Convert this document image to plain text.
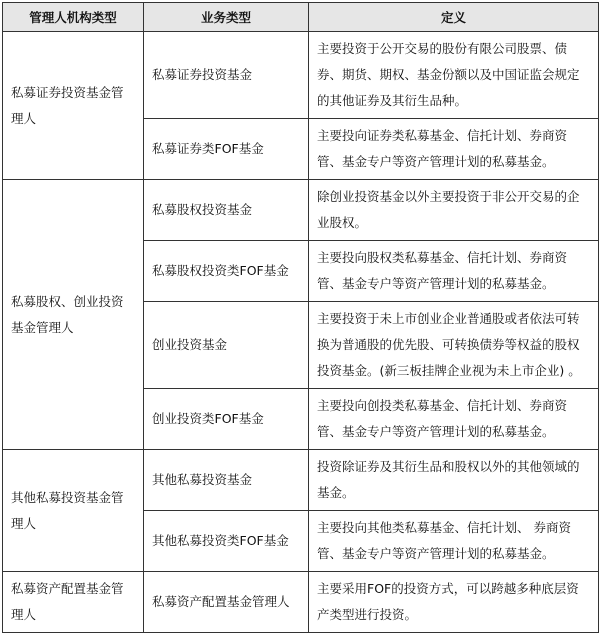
管理人机构类型	业务类型	定义
私募证券投资基金管理人	私募证券投资基金	主要投资于公开交易的股份有限公司股票、债券、期货、期权、基金份额以及中国证监会规定的其他证券及其衍生品种。
	私募证券类FOF基金	主要投向证券类私募基金、信托计划、券商资管、基金专户等资产管理计划的私募基金。
私募股权、创业投资基金管理人	私募股权投资基金	除创业投资基金以外主要投资于非公开交易的企业股权。
	私募股权投资类FOF基金	主要投向股权类私募基金、信托计划、券商资管、基金专户等资产管理计划的私募基金。
	创业投资基金	主要投资于未上市创业企业普通股或者依法可转换为普通股的优先股、可转换债券等权益的股权投资基金。(新三板挂牌企业视为未上市企业) 。
	创业投资类FOF基金	主要投向创投类私募基金、信托计划、券商资管、基金专户等资产管理计划的私募基金。
其他私募投资基金管理人	其他私募投资基金	投资除证券及其衍生品和股权以外的其他领域的基金。
	其他私募投资类FOF基金	主要投向其他类私募基金、信托计划、 券商资管、基金专户等资产管理计划的私募基金。
私募资产配置基金管理人	私募资产配置基金管理人	主要采用FOF的投资方式，可以跨越多种底层资产类型进行投资。
